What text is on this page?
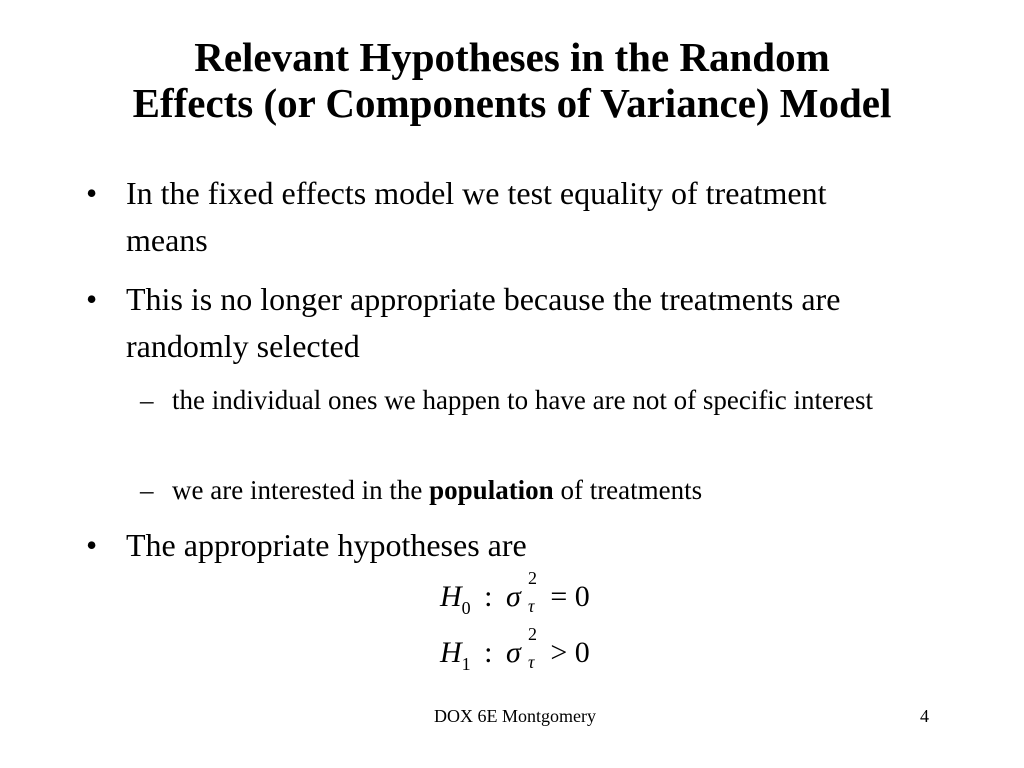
Relevant Hypotheses in the Random
Effects (or Components of Variance) Model
• In the fixed effects model we test equality of treatment means
• This is no longer appropriate because the treatments are randomly selected
– the individual ones we happen to have are not of specific interest
– we are interested in the population of treatments
• The appropriate hypotheses are
$H_0$ : σ
2
τ = 0
$H_1$ : σ
2
τ > 0
DOX 6E Montgomery	4
